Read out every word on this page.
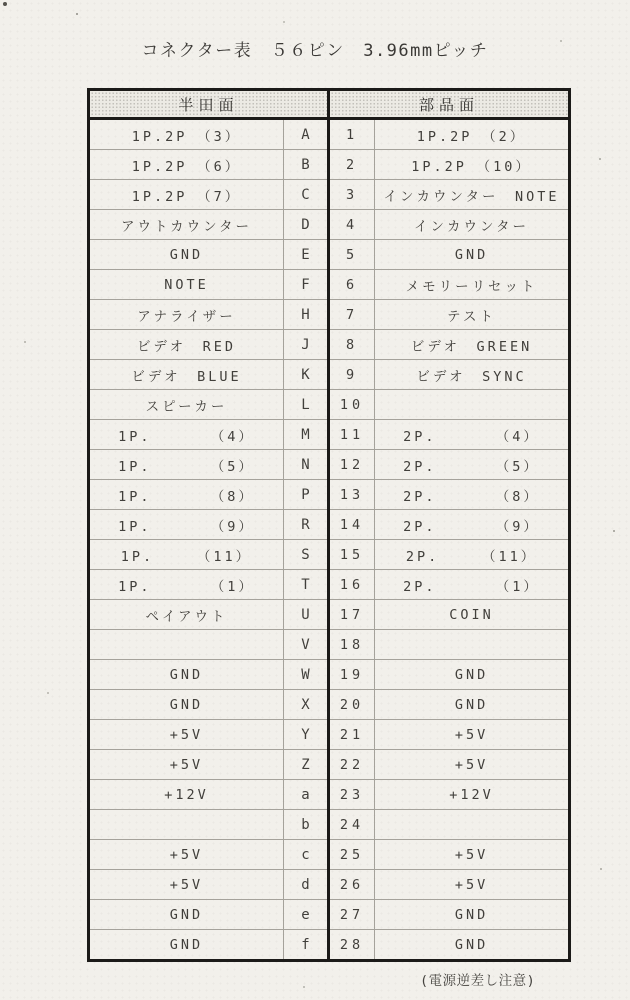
コネクター表　５６ピン　3.96mmピッチ
半田面		部品面	
1P.2P　（3）	A	1	1P.2P　（2）
1P.2P　（6）	B	2	1P.2P　（10）
1P.2P　（7）	C	3	インカウンター　NOTE
アウトカウンター	D	4	インカウンター
GND	E	5	GND
NOTE	F	6	メモリーリセット
アナライザー	H	7	テスト
ビデオ　RED	J	8	ビデオ　GREEN
ビデオ　BLUE	K	9	ビデオ　SYNC
スピーカー	L	10	
1P.　　　　（4）	M	11	2P.　　　　（4）
1P.　　　　（5）	N	12	2P.　　　　（5）
1P.　　　　（8）	P	13	2P.　　　　（8）
1P.　　　　（9）	R	14	2P.　　　　（9）
1P.　　　（11）	S	15	2P.　　　（11）
1P.　　　　（1）	T	16	2P.　　　　（1）
ペイアウト	U	17	COIN
	V	18	
GND	W	19	GND
GND	X	20	GND
+5V	Y	21	+5V
+5V	Z	22	+5V
+12V	a	23	+12V
	b	24	
+5V	c	25	+5V
+5V	d	26	+5V
GND	e	27	GND
GND	f	28	GND
(電源逆差し注意)
